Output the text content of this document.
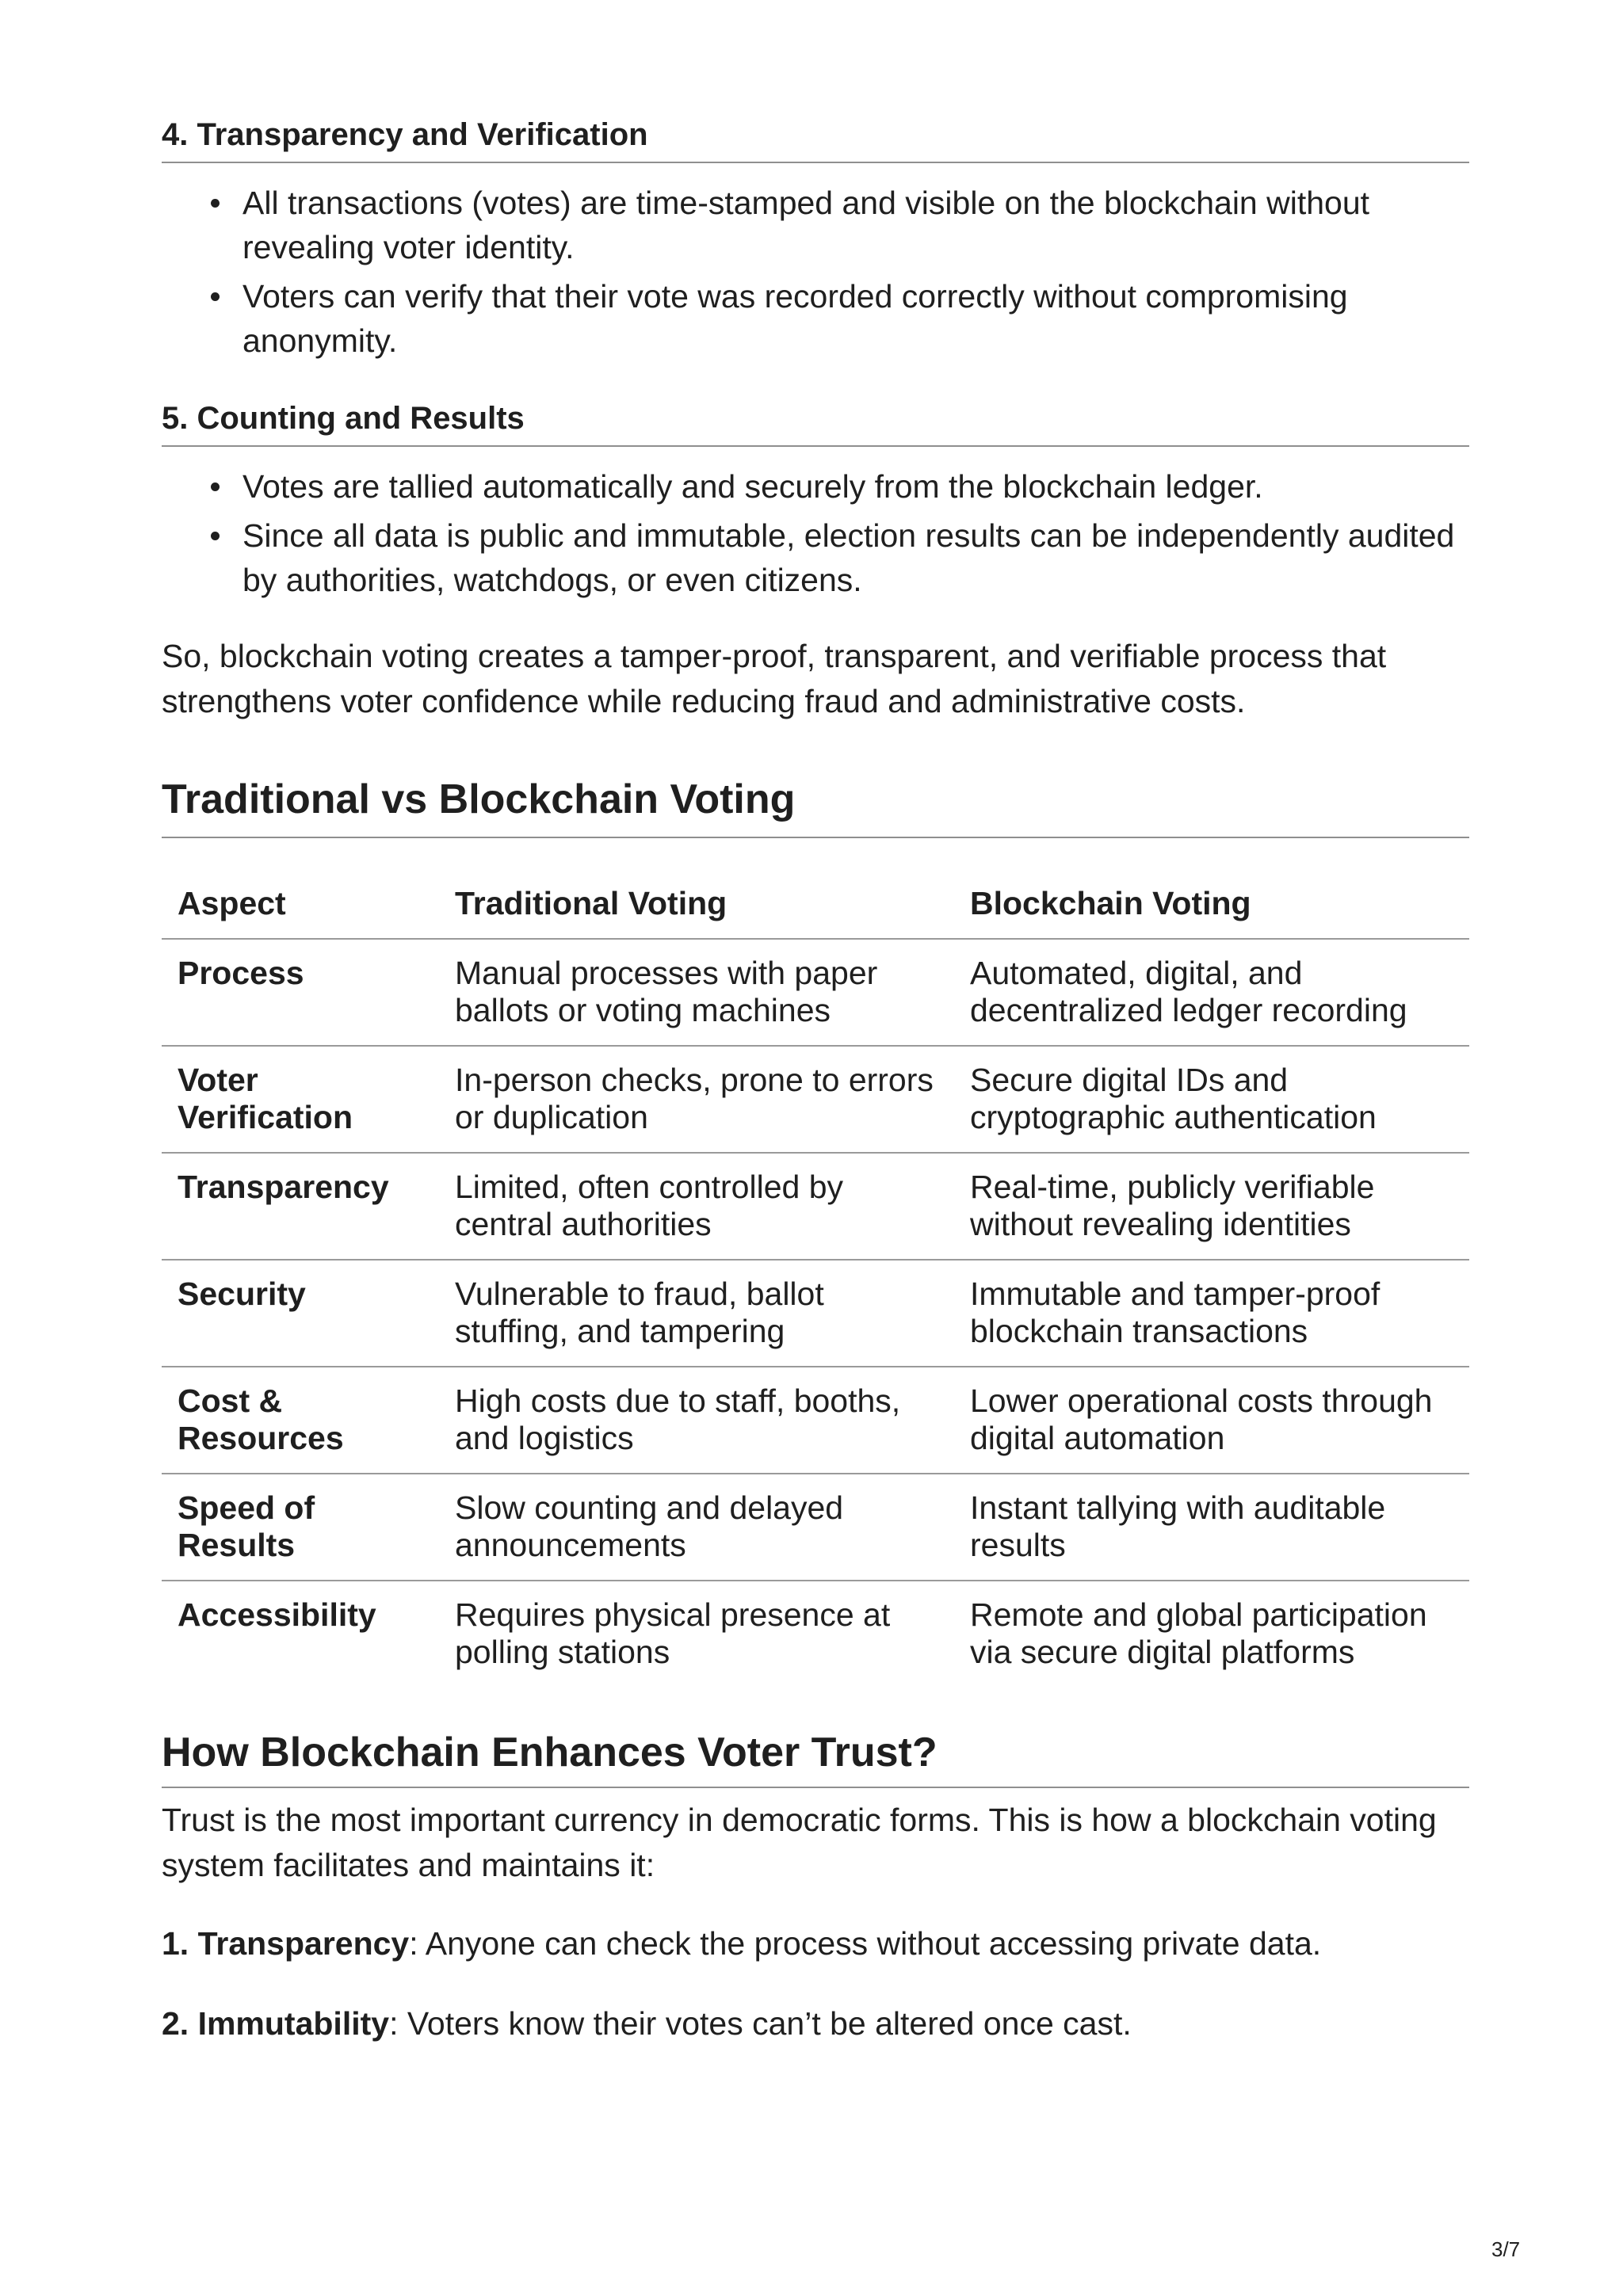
4. Transparency and Verification
All transactions (votes) are time-stamped and visible on the blockchain without revealing voter identity.
Voters can verify that their vote was recorded correctly without compromising anonymity.
5. Counting and Results
Votes are tallied automatically and securely from the blockchain ledger.
Since all data is public and immutable, election results can be independently audited by authorities, watchdogs, or even citizens.

So, blockchain voting creates a tamper-proof, transparent, and verifiable process that strengthens voter confidence while reducing fraud and administrative costs.

Traditional vs Blockchain Voting
Aspect	Traditional Voting	Blockchain Voting
Process	Manual processes with paper ballots or voting machines	Automated, digital, and decentralized ledger recording
Voter Verification	In-person checks, prone to errors or duplication	Secure digital IDs and cryptographic authentication
Transparency	Limited, often controlled by central authorities	Real-time, publicly verifiable without revealing identities
Security	Vulnerable to fraud, ballot stuffing, and tampering	Immutable and tamper-proof blockchain transactions
Cost & Resources	High costs due to staff, booths, and logistics	Lower operational costs through digital automation
Speed of Results	Slow counting and delayed announcements	Instant tallying with auditable results
Accessibility	Requires physical presence at polling stations	Remote and global participation via secure digital platforms
How Blockchain Enhances Voter Trust?

Trust is the most important currency in democratic forms. This is how a blockchain voting system facilitates and maintains it:

1. Transparency: Anyone can check the process without accessing private data.
2. Immutability: Voters know their votes can’t be altered once cast.
3/7
